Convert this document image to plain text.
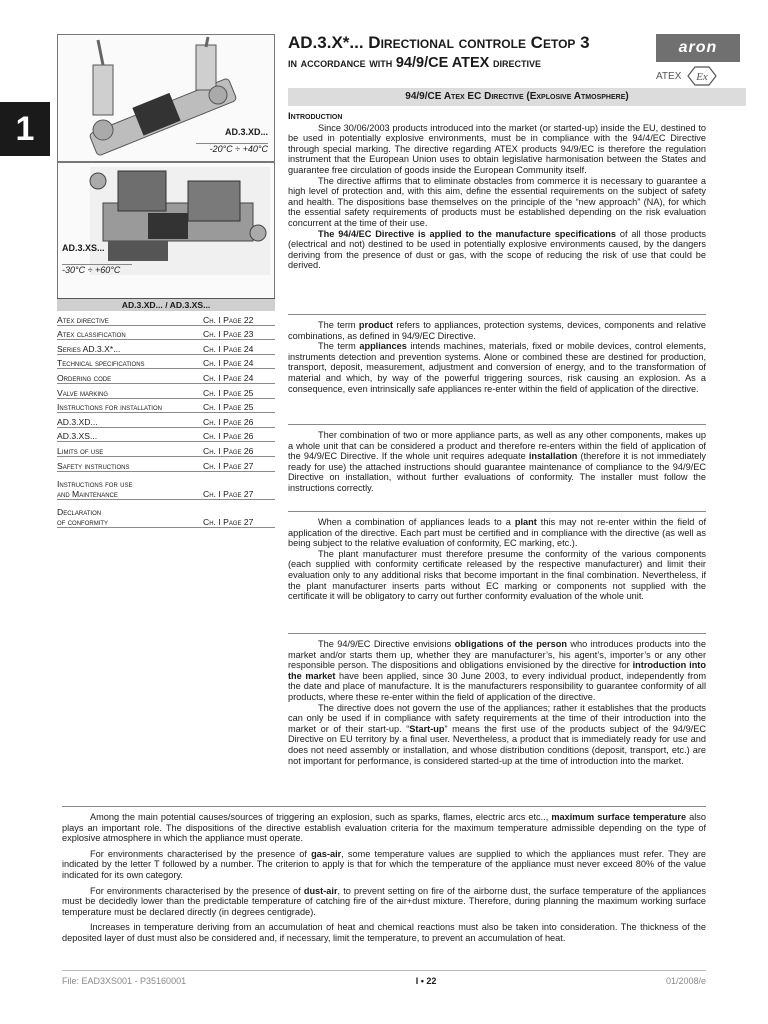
1
AD.3.X*... Directional controle Cetop 3
in accordance with 94/9/CE ATEX directive
aron
ATEX Ex
94/9/CE Atex EC Directive (Explosive Atmosphere)
AD.3.XD...
-20°C ÷ +40°C
AD.3.XS...
-30°C ÷ +60°C
AD.3.XD... / AD.3.XS...
Atex directive	Ch. I Page 22
Atex classification	Ch. I Page 23
Series AD.3.X*...	Ch. I Page 24
Technical specifications	Ch. I Page 24
Ordering code	Ch. I Page 24
Valve marking	Ch. I Page 25
Instructions for installation	Ch. I Page 25
AD.3.XD...	Ch. I Page 26
AD.3.XS...	Ch. I Page 26
Limits of use	Ch. I Page 26
Safety instructions	Ch. I Page 27
Instructions for use
and Maintenance	Ch. I Page 27
Declaration
of conformity	Ch. I Page 27
Introduction

Since 30/06/2003 products introduced into the market (or started-up) inside the EU, destined to be used in potentially explosive environments, must be in compliance with the 94/4/EC Directive through special marking. The directive regarding ATEX products 94/9/EC is therefore the regulation instrument that the European Union uses to obtain legislative harmonisation between the States and guarantee free circulation of goods inside the European Community itself.

The directive affirms that to eliminate obstacles from commerce it is necessary to guarantee a high level of protection and, with this aim, define the essential requirements on the subject of safety and health. The dispositions base themselves on the principle of the “new approach” (NA), for which the essential safety requirements of products must be established depending on the risk evaluation concurrent at the time of their use.

The 94/4/EC Directive is applied to the manufacture specifications of all those products (electrical and not) destined to be used in potentially explosive environments caused, by the dangers deriving from the presence of dust or gas, with the scope of reducing the risk of use that could be derived.

The term product refers to appliances, protection systems, devices, components and relative combinations, as defined in 94/9/EC Directive.

The term appliances intends machines, materials, fixed or mobile devices, control elements, instruments detection and prevention systems. Alone or combined these are destined for production, transport, deposit, measurement, adjustment and conversion of energy, and to the transformation of material and which, by way of the powerful triggering sources, risk causing an explosion. As a consequence, even intrinsically safe appliances re-enter within the field of application of the directive.

Ther combination of two or more appliance parts, as well as any other components, makes up a whole unit that can be considered a product and therefore re-enters within the field of application of the 94/9/EC Directive. If the whole unit requires adequate installation (therefore it is not immediately ready for use) the attached instructions should guarantee maintenance of compliance to the 94/9/EC Directive on installation, without further evaluations of conformity. The installer must follow the instructions correctly.

When a combination of appliances leads to a plant this may not re-enter within the field of application of the directive. Each part must be certified and in compliance with the directive (as well as being subject to the relative evaluation of conformity, EC marking, etc.).

The plant manufacturer must therefore presume the conformity of the various components (each supplied with conformity certificate released by the respective manufacturer) and limit their evaluation only to any additional risks that become important in the final combination. Nevertheless, if the plant manufacturer inserts parts without EC marking or components not supplied with the certificate it will be obligatory to carry out further conformity evaluation of the whole unit.

The 94/9/EC Directive envisions obligations of the person who introduces products into the market and/or starts them up, whether they are manufacturer’s, his agent’s, importer’s or any other responsible person. The dispositions and obligations envisioned by the directive for introduction into the market have been applied, since 30 June 2003, to every individual product, independently from the date and place of manufacture. It is the manufacturers responsibility to guarantee conformity of all products, where these re-enter within the field of application of the directive.

The directive does not govern the use of the appliances; rather it establishes that the products can only be used if in compliance with safety requirements at the time of their introduction into the market or of their start-up. “Start-up” means the first use of the products subject of the 94/9/EC Directive on EU territory by a final user. Nevertheless, a product that is immediately ready for use and does not need assembly or installation, and whose distribution conditions (deposit, transport, etc.) are not important for performance, is considered started-up at the time of introduction into the market.

Among the main potential causes/sources of triggering an explosion, such as sparks, flames, electric arcs etc.., maximum surface temperature also plays an important role. The dispositions of the directive establish evaluation criteria for the maximum temperature admissible depending on the type of explosive atmosphere in which the appliance must operate.

For environments characterised by the presence of gas-air, some temperature values are supplied to which the appliances must refer. They are indicated by the letter T followed by a number. The criterion to apply is that for which the temperature of the appliance must never exceed 80% of the value indicated for its own category.

For environments characterised by the presence of dust-air, to prevent setting on fire of the airborne dust, the surface temperature of the appliances must be decidedly lower than the predictable temperature of catching fire of the air+dust mixture. Therefore, during planning the maximum working surface temperature must be declared directly (in degrees centigrade).

Increases in temperature deriving from an accumulation of heat and chemical reactions must also be taken into consideration. The thickness of the deposited layer of dust must also be considered and, if necessary, limit the temperature, to prevent an accumulation of heat.

File: EAD3XS001 - P35160001	I • 22	01/2008/e
